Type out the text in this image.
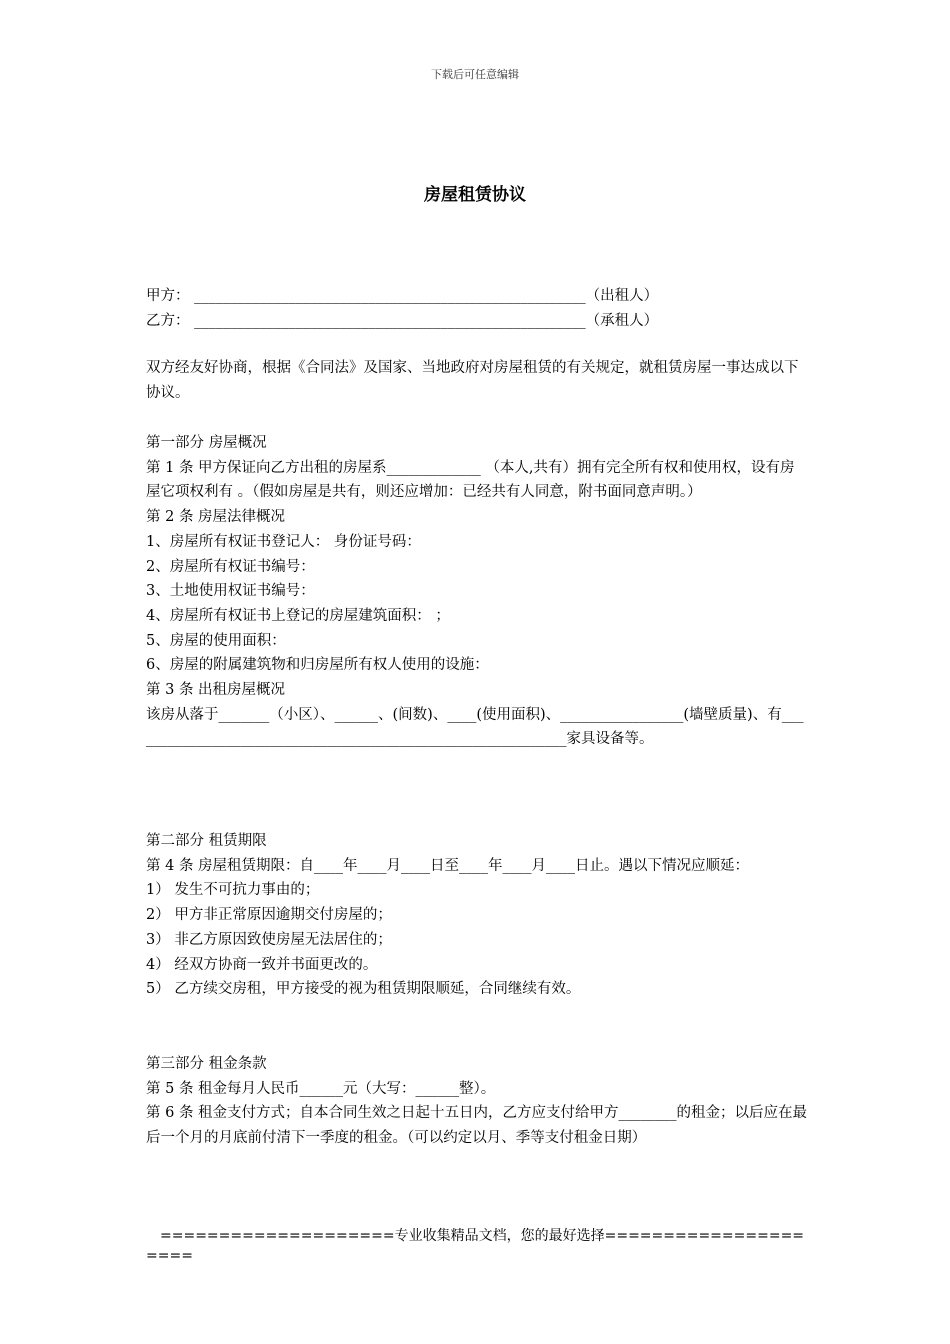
下载后可任意编辑
房屋租赁协议
甲方： ______________________________________________________（出租人）
乙方： ______________________________________________________（承租人）
双方经友好协商，根据《合同法》及国家、当地政府对房屋租赁的有关规定，就租赁房屋一事达成以下协议。
第一部分 房屋概况
第 1 条 甲方保证向乙方出租的房屋系_____________ （本人,共有）拥有完全所有权和使用权，设有房屋它项权利有 。（假如房屋是共有，则还应增加：已经共有人同意，附书面同意声明。）
第 2 条 房屋法律概况
1、房屋所有权证书登记人： 身份证号码：
2、房屋所有权证书编号：
3、土地使用权证书编号：
4、房屋所有权证书上登记的房屋建筑面积： ；
5、房屋的使用面积：
6、房屋的附属建筑物和归房屋所有权人使用的设施：
第 3 条 出租房屋概况
该房从落于_______（小区）、______、(间数)、____(使用面积)、_________________(墙壁质量)、有_____________________________________________________________家具设备等。
第二部分 租赁期限
第 4 条 房屋租赁期限：自____年____月____日至____年____月____日止。遇以下情况应顺延：
1） 发生不可抗力事由的；
2） 甲方非正常原因逾期交付房屋的；
3） 非乙方原因致使房屋无法居住的；
4） 经双方协商一致并书面更改的。
5） 乙方续交房租，甲方接受的视为租赁期限顺延，合同继续有效。
第三部分 租金条款
第 5 条 租金每月人民币______元（大写：______整）。
第 6 条 租金支付方式；自本合同生效之日起十五日内，乙方应支付给甲方________的租金；以后应在最后一个月的月底前付清下一季度的租金。（可以约定以月、季等支付租金日期）
====================专业收集精品文档，您的最好选择=====================
